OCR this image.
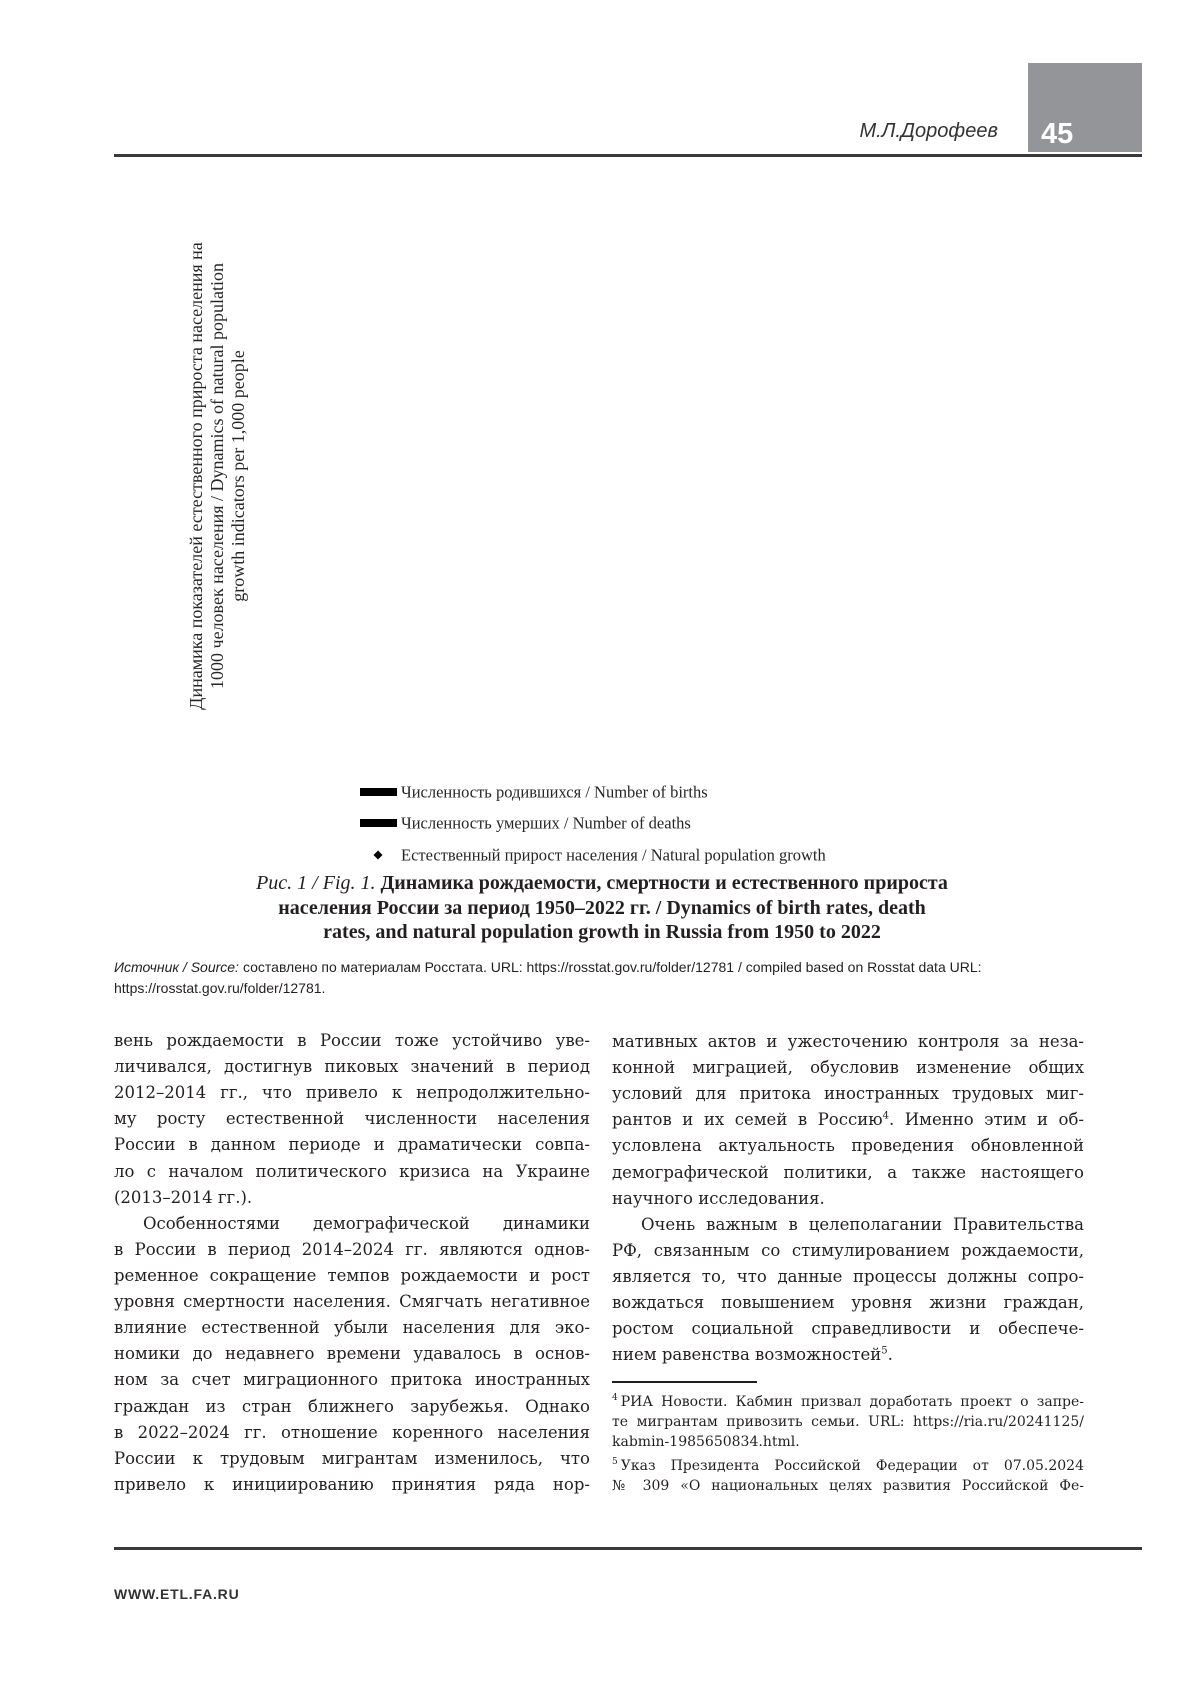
45
М.Л.Дорофеев
Динамика показателей естественного прироста населения на 1000 человек населения / Dynamics of natural population growth indicators per 1,000 people
Численность родившихся / Number of births
Численность умерших / Number of deaths
Естественный прирост населения / Natural population growth
Рис. 1 / Fig. 1. Динамика рождаемости, смертности и естественного прироста
населения России за период 1950–2022 гг. / Dynamics of birth rates, death
rates, and natural population growth in Russia from 1950 to 2022
Источник / Source: составлено по материалам Росстата. URL: https://rosstat.gov.ru/folder/12781 / compiled based on Rosstat data URL:
https://rosstat.gov.ru/folder/12781.
вень рождаемости в России тоже устойчиво уве-
личивался, достигнув пиковых значений в период
2012–2014 гг., что привело к непродолжительно-
му росту естественной численности населения
России в данном периоде и драматически совпа-
ло с началом политического кризиса на Украине
(2013–2014 гг.).
Особенностями демографической динамики
в России в период 2014–2024 гг. являются однов-
ременное сокращение темпов рождаемости и рост
уровня смертности населения. Смягчать негативное
влияние естественной убыли населения для эко-
номики до недавнего времени удавалось в основ-
ном за счет миграционного притока иностранных
граждан из стран ближнего зарубежья. Однако
в 2022–2024 гг. отношение коренного населения
России к трудовым мигрантам изменилось, что
привело к инициированию принятия ряда нор-
мативных актов и ужесточению контроля за неза-
конной миграцией, обусловив изменение общих
условий для притока иностранных трудовых миг-
рантов и их семей в Россию$^4$. Именно этим и об-
условлена актуальность проведения обновленной
демографической политики, а также настоящего
научного исследования.
Очень важным в целеполагании Правительства
РФ, связанным со стимулированием рождаемости,
является то, что данные процессы должны сопро-
вождаться повышением уровня жизни граждан,
ростом социальной справедливости и обеспече-
нием равенства возможностей$^5$.
$^4$ РИА Новости. Кабмин призвал доработать проект о запре-
те мигрантам привозить семьи. URL: https://ria.ru/20241125/
kabmin-1985650834.html.
$^5$ Указ Президента Российской Федерации от 07.05.2024
№ 309 «О национальных целях развития Российской Фе-
WWW.ETL.FA.RU
